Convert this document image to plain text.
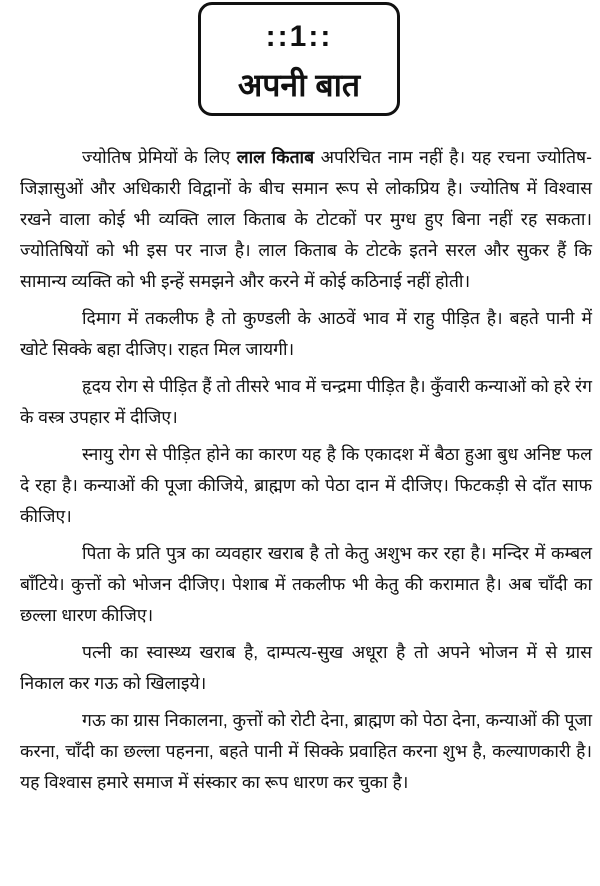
::1::
अपनी बात

ज्योतिष प्रेमियों के लिए लाल किताब अपरिचित नाम नहीं है। यह रचना ज्योतिष-जिज्ञासुओं और अधिकारी विद्वानों के बीच समान रूप से लोकप्रिय है। ज्योतिष में विश्वास रखने वाला कोई भी व्यक्ति लाल किताब के टोटकों पर मुग्ध हुए बिना नहीं रह सकता। ज्योतिषियों को भी इस पर नाज है। लाल किताब के टोटके इतने सरल और सुकर हैं कि सामान्य व्यक्ति को भी इन्हें समझने और करने में कोई कठिनाई नहीं होती।

दिमाग में तकलीफ है तो कुण्डली के आठवें भाव में राहु पीड़ित है। बहते पानी में खोटे सिक्के बहा दीजिए। राहत मिल जायगी।

हृदय रोग से पीड़ित हैं तो तीसरे भाव में चन्द्रमा पीड़ित है। कुँवारी कन्याओं को हरे रंग के वस्त्र उपहार में दीजिए।

स्नायु रोग से पीड़ित होने का कारण यह है कि एकादश में बैठा हुआ बुध अनिष्ट फल दे रहा है। कन्याओं की पूजा कीजिये, ब्राह्मण को पेठा दान में दीजिए। फिटकड़ी से दाँत साफ कीजिए।

पिता के प्रति पुत्र का व्यवहार खराब है तो केतु अशुभ कर रहा है। मन्दिर में कम्बल बाँटिये। कुत्तों को भोजन दीजिए। पेशाब में तकलीफ भी केतु की करामात है। अब चाँदी का छल्ला धारण कीजिए।

पत्नी का स्वास्थ्य खराब है, दाम्पत्य-सुख अधूरा है तो अपने भोजन में से ग्रास निकाल कर गऊ को खिलाइये।

गऊ का ग्रास निकालना, कुत्तों को रोटी देना, ब्राह्मण को पेठा देना, कन्याओं की पूजा करना, चाँदी का छल्ला पहनना, बहते पानी में सिक्के प्रवाहित करना शुभ है, कल्याणकारी है। यह विश्वास हमारे समाज में संस्कार का रूप धारण कर चुका है।
